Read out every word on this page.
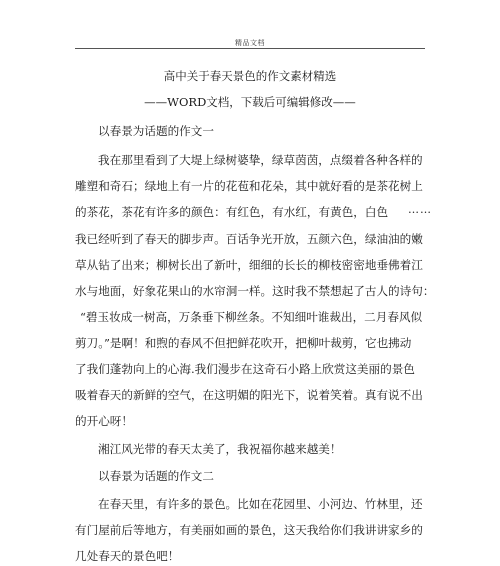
精品文档
高中关于春天景色的作文素材精选
——WORD文档，下载后可编辑修改——
以春景为话题的作文一
我在那里看到了大堤上绿树婆挚，绿草茵茵，点缀着各种各样的
雕塑和奇石；绿地上有一片的花苞和花朵，其中就好看的是茶花树上
的茶花，茶花有许多的颜色：有红色，有水红，有黄色，白色 ……
我已经听到了春天的脚步声。百话争光开放，五颜六色，绿油油的嫩
草从钻了出来；柳树长出了新叶，细细的长长的柳枝密密地垂佛着江
水与地面，好象花果山的水帘洞一样。这时我不禁想起了古人的诗句：
“碧玉妆成一树高，万条垂下柳丝条。不知细叶谁裁出，二月春风似
剪刀。”是啊！和煦的春风不但把鲜花吹开，把柳叶裁剪，它也拂动
了我们蓬勃向上的心海.我们漫步在这奇石小路上欣赏这美丽的景色
吸着春天的新鲜的空气，在这明媚的阳光下，说着笑着。真有说不出
的开心呀！
湘江风光带的春天太美了，我祝福你越来越美！
以春景为话题的作文二
在春天里，有许多的景色。比如在花园里、小河边、竹林里，还
有门屋前后等地方，有美丽如画的景色，这天我给你们我讲讲家乡的
几处春天的景色吧！
